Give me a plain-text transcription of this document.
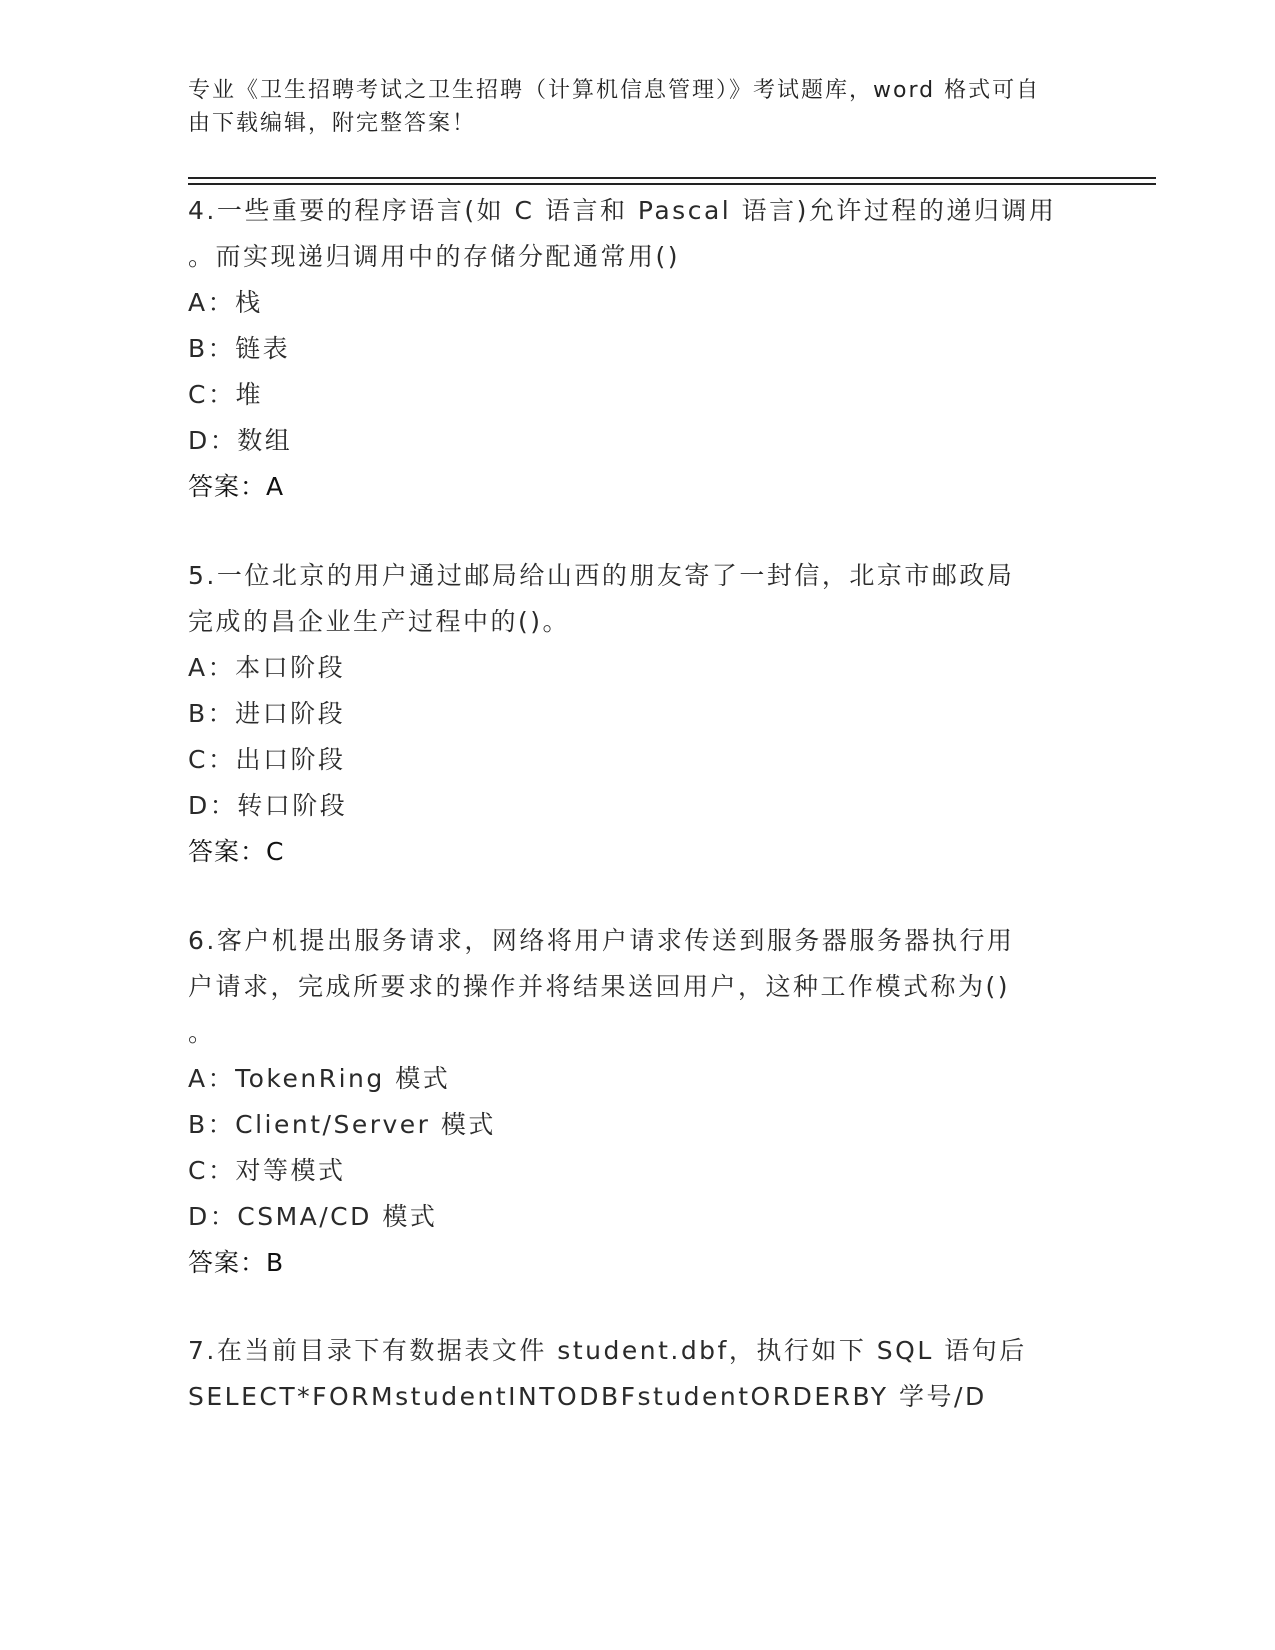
专业《卫生招聘考试之卫生招聘（计算机信息管理）》考试题库，word 格式可自
由下载编辑，附完整答案！
4.一些重要的程序语言(如 C 语言和 Pascal 语言)允许过程的递归调用
。而实现递归调用中的存储分配通常用()
A：栈
B：链表
C：堆
D：数组
答案：A
5.一位北京的用户通过邮局给山西的朋友寄了一封信，北京市邮政局
完成的昌企业生产过程中的()。
A：本口阶段
B：进口阶段
C：出口阶段
D：转口阶段
答案：C
6.客户机提出服务请求，网络将用户请求传送到服务器服务器执行用
户请求，完成所要求的操作并将结果送回用户，这种工作模式称为()
。
A：TokenRing 模式
B：Client/Server 模式
C：对等模式
D：CSMA/CD 模式
答案：B
7.在当前目录下有数据表文件 student.dbf，执行如下 SQL 语句后
SELECT*FORMstudentINTODBFstudentORDERBY 学号/D
